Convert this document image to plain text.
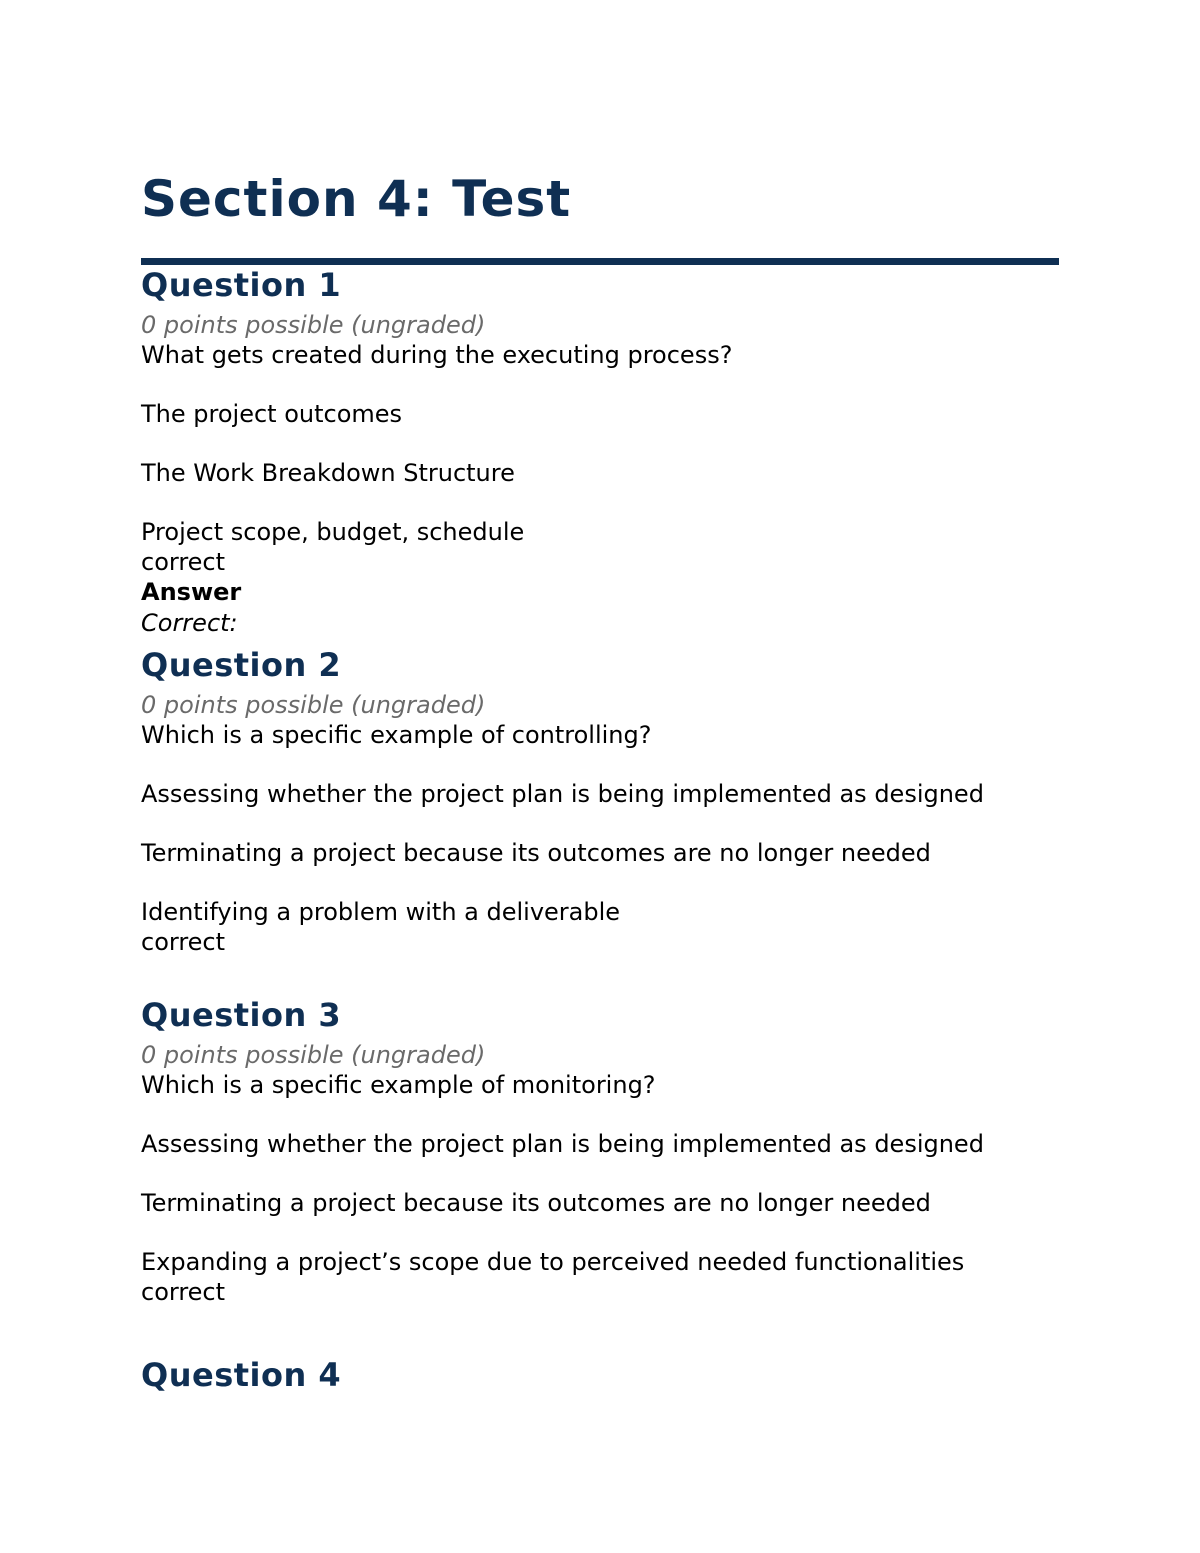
Section 4: Test
Question 1
0 points possible (ungraded)
What gets created during the executing process?
The project outcomes
The Work Breakdown Structure
Project scope, budget, schedule
correct
Answer
Correct:
Question 2
0 points possible (ungraded)
Which is a specific example of controlling?
Assessing whether the project plan is being implemented as designed
Terminating a project because its outcomes are no longer needed
Identifying a problem with a deliverable
correct
Question 3
0 points possible (ungraded)
Which is a specific example of monitoring?
Assessing whether the project plan is being implemented as designed
Terminating a project because its outcomes are no longer needed
Expanding a project’s scope due to perceived needed functionalities
correct
Question 4
